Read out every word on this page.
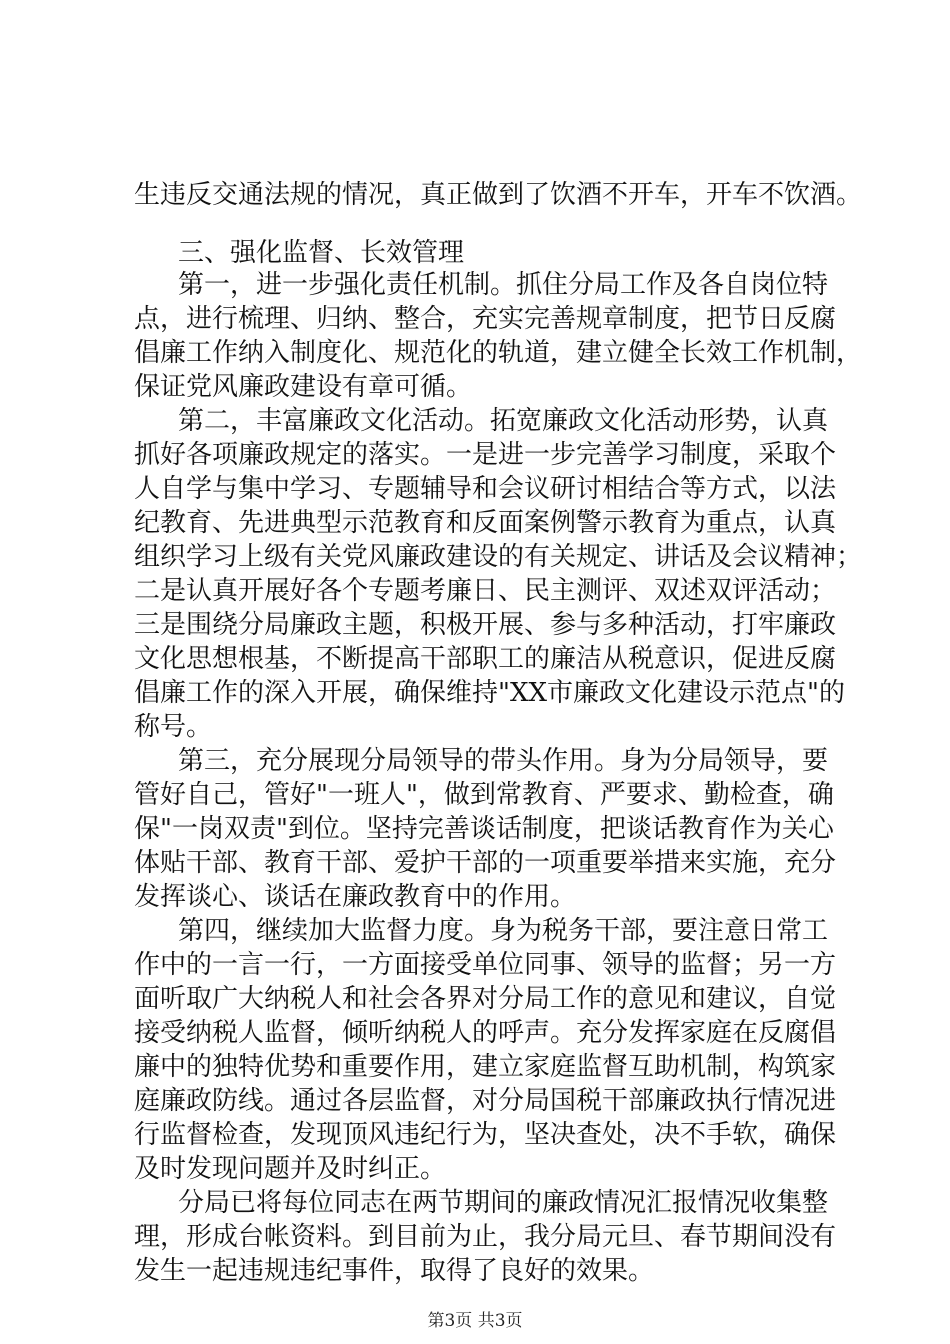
生违反交通法规的情况，真正做到了饮酒不开车，开车不饮酒。
三、强化监督、长效管理
第一，进一步强化责任机制。抓住分局工作及各自岗位特
点，进行梳理、归纳、整合，充实完善规章制度，把节日反腐
倡廉工作纳入制度化、规范化的轨道，建立健全长效工作机制，
保证党风廉政建设有章可循。
第二，丰富廉政文化活动。拓宽廉政文化活动形势，认真
抓好各项廉政规定的落实。一是进一步完善学习制度，采取个
人自学与集中学习、专题辅导和会议研讨相结合等方式，以法
纪教育、先进典型示范教育和反面案例警示教育为重点，认真
组织学习上级有关党风廉政建设的有关规定、讲话及会议精神；
二是认真开展好各个专题考廉日、民主测评、双述双评活动；
三是围绕分局廉政主题，积极开展、参与多种活动，打牢廉政
文化思想根基，不断提高干部职工的廉洁从税意识，促进反腐
倡廉工作的深入开展，确保维持"XX市廉政文化建设示范点"的
称号。
第三，充分展现分局领导的带头作用。身为分局领导，要
管好自己，管好"一班人"，做到常教育、严要求、勤检查，确
保"一岗双责"到位。坚持完善谈话制度，把谈话教育作为关心
体贴干部、教育干部、爱护干部的一项重要举措来实施，充分
发挥谈心、谈话在廉政教育中的作用。
第四，继续加大监督力度。身为税务干部，要注意日常工
作中的一言一行，一方面接受单位同事、领导的监督；另一方
面听取广大纳税人和社会各界对分局工作的意见和建议，自觉
接受纳税人监督，倾听纳税人的呼声。充分发挥家庭在反腐倡
廉中的独特优势和重要作用，建立家庭监督互助机制，构筑家
庭廉政防线。通过各层监督，对分局国税干部廉政执行情况进
行监督检查，发现顶风违纪行为，坚决查处，决不手软，确保
及时发现问题并及时纠正。
分局已将每位同志在两节期间的廉政情况汇报情况收集整
理，形成台帐资料。到目前为止，我分局元旦、春节期间没有
发生一起违规违纪事件，取得了良好的效果。
第3页 共3页
